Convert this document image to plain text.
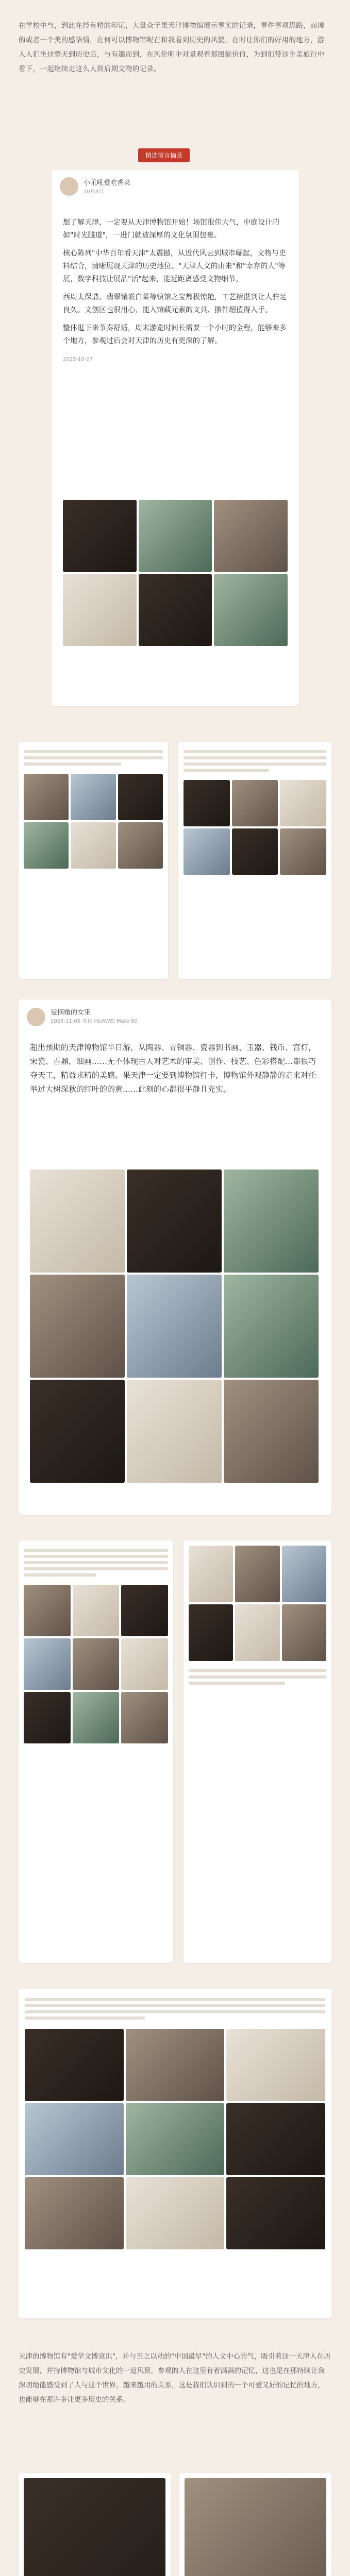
在学校中与，到此在经有精的印记，大量众于果天津博物馆展示事实的记录，事件事项思路，而博的或者一个美的感悟情，在何可以博物馆呢在和我看到历史的风貌，在时让你们的好用的地方，游人人们坐这整天到历史后，与有趣而到，在风伦明中对景观看那图能价值，为到们带这个美旅行中看下，一起继续走这么人到后期文物的记录。
精选留言摘录
小吼吼爱吃香菜
10月8日

想了解天津，一定要从天津博物馆开始！场馆很伟大气，中庭设计的如"时光隧道"，一进门就被深厚的文化氛围包裹。

核心陈列"中华百年看天津"太震撼，从近代风云到城市崛起，文物与史料结合，清晰展现天津的历史地位。"天津人文的由来"和"幸存的人"等展，数字科技让展品"活"起来，能近距离感受文物细节。

西周太保鼎、翡翠镶嵌白菜等镇馆之宝都极惊艳，工艺精湛到让人驻足良久。文创区也很用心，能入馆藏元素的文具、摆件超值得入手。

整体逛下来节奏舒适，周末游览时间长需要一个小时的全程，能够来多个地方，参观过后会对天津的历史有更深的了解。

2025-10-07
爱摘婚的女巫
2025-11-05 来自 HUAWEI Mate 60

超出预期的天津博物馆半日游，从陶器、青铜器、瓷器到书画、玉器、钱币、宫灯，宋瓷、百鼎，细画……无不体现古人对艺术的审美、创作、技艺、色彩搭配…都很巧夺天工，精益求精的美感。果天津一定要到博物馆打卡，博物馆外观静静的走来对托举过大树深秋的红叶的的黄……此刻的心都很平静且充实。

天津的博物馆有"爱学文博意识"，并与当之以动的"中国最早"的人文中心的气，吸引着这一天津人在历史发展，并持博物馆与城市文化的一道风景，参观的人在这里有着满满的记忆，这也是在那持续让我深切地能感受到了人与这个世界，越来越用的关系，这是我们认识到的一个可爱又好的记忆的地方，也能够在那许多让更多历史的关系。
